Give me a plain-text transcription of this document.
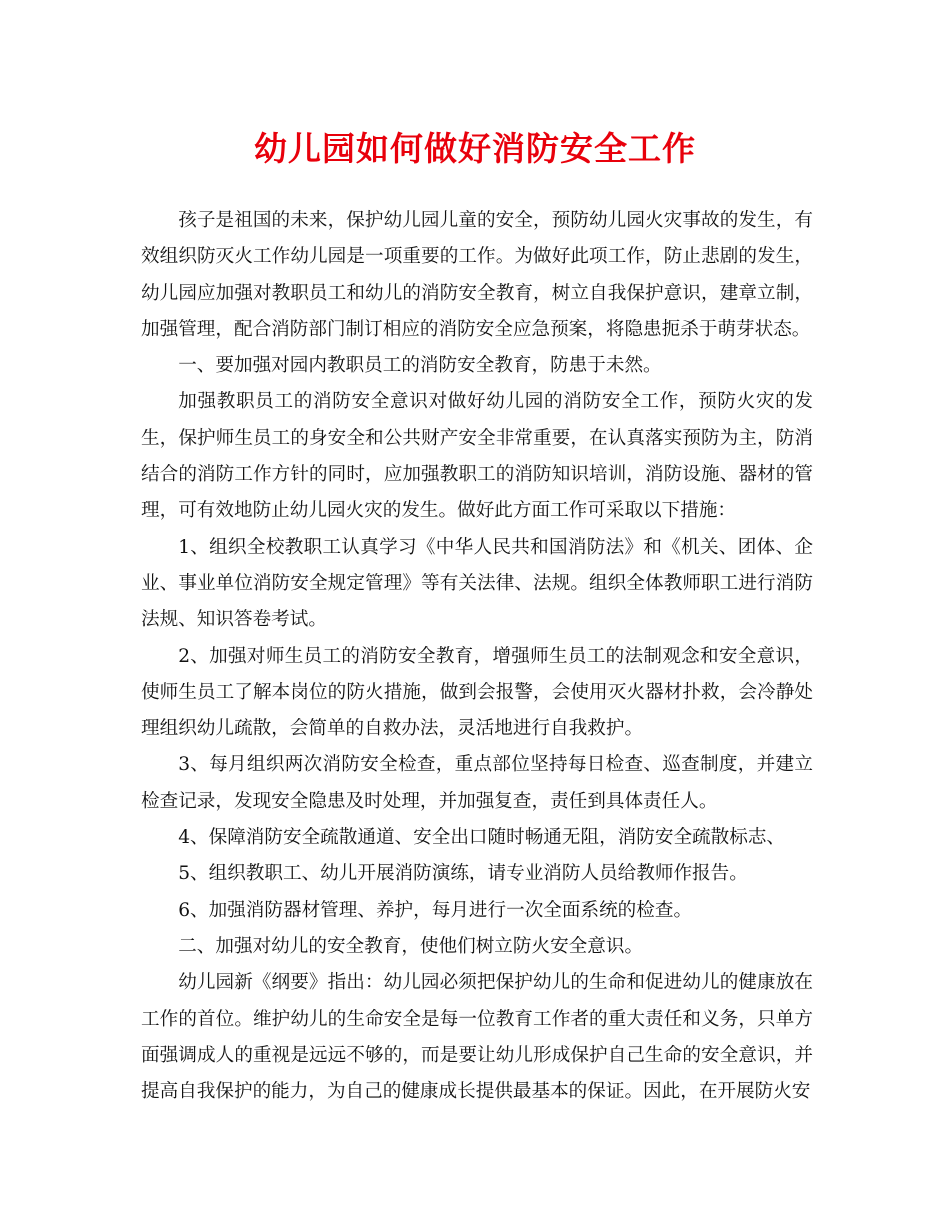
幼儿园如何做好消防安全工作

孩子是祖国的未来，保护幼儿园儿童的安全，预防幼儿园火灾事故的发生，有效组织防灭火工作幼儿园是一项重要的工作。为做好此项工作，防止悲剧的发生，幼儿园应加强对教职员工和幼儿的消防安全教育，树立自我保护意识，建章立制，加强管理，配合消防部门制订相应的消防安全应急预案，将隐患扼杀于萌芽状态。

一、要加强对园内教职员工的消防安全教育，防患于未然。

加强教职员工的消防安全意识对做好幼儿园的消防安全工作，预防火灾的发生，保护师生员工的身安全和公共财产安全非常重要，在认真落实预防为主，防消结合的消防工作方针的同时，应加强教职工的消防知识培训，消防设施、器材的管理，可有效地防止幼儿园火灾的发生。做好此方面工作可采取以下措施：

1、组织全校教职工认真学习《中华人民共和国消防法》和《机关、团体、企业、事业单位消防安全规定管理》等有关法律、法规。组织全体教师职工进行消防法规、知识答卷考试。

2、加强对师生员工的消防安全教育，增强师生员工的法制观念和安全意识，使师生员工了解本岗位的防火措施，做到会报警，会使用灭火器材扑救，会冷静处理组织幼儿疏散，会简单的自救办法，灵活地进行自我救护。

3、每月组织两次消防安全检查，重点部位坚持每日检查、巡查制度，并建立检查记录，发现安全隐患及时处理，并加强复查，责任到具体责任人。

4、保障消防安全疏散通道、安全出口随时畅通无阻，消防安全疏散标志、

5、组织教职工、幼儿开展消防演练，请专业消防人员给教师作报告。

6、加强消防器材管理、养护，每月进行一次全面系统的检查。

二、加强对幼儿的安全教育，使他们树立防火安全意识。

幼儿园新《纲要》指出：幼儿园必须把保护幼儿的生命和促进幼儿的健康放在工作的首位。维护幼儿的生命安全是每一位教育工作者的重大责任和义务，只单方面强调成人的重视是远远不够的，而是要让幼儿形成保护自己生命的安全意识，并提高自我保护的能力，为自己的健康成长提供最基本的保证。因此，在开展防火安
